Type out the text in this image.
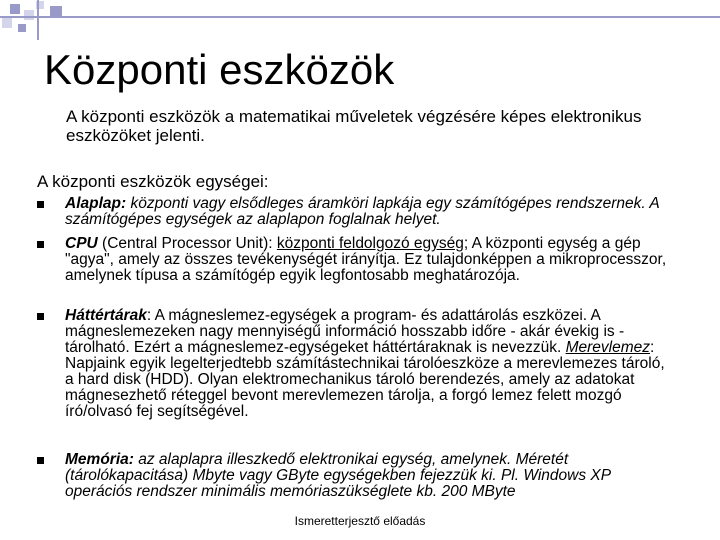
Központi eszközök
A központi eszközök a matematikai műveletek végzésére képes elektronikus eszközöket jelenti.
A központi eszközök egységei:
Alaplap: központi vagy elsődleges áramköri lapkája egy számítógépes rendszernek. A számítógépes egységek az alaplapon foglalnak helyet.
CPU (Central Processor Unit): központi feldolgozó egység; A központi egység a gép "agya", amely az összes tevékenységét irányítja. Ez tulajdonképpen a mikroprocesszor, amelynek típusa a számítógép egyik legfontosabb meghatározója.
Háttértárak: A mágneslemez-egységek a program- és adattárolás eszközei. A mágneslemezeken nagy mennyiségű információ hosszabb időre - akár évekig is - tárolható. Ezért a mágneslemez-egységeket háttértáraknak is nevezzük. Merevlemez: Napjaink egyik legelterjedtebb számítástechnikai tárolóeszköze a merevlemezes tároló, a hard disk (HDD). Olyan elektromechanikus tároló berendezés, amely az adatokat mágnesezhető réteggel bevont merevlemezen tárolja, a forgó lemez felett mozgó író/olvasó fej segítségével.
Memória: az alaplapra illeszkedő elektronikai egység, amelynek. Méretét (tárolókapacitása) Mbyte vagy GByte egységekben fejezzük ki. Pl. Windows XP operációs rendszer minimális memóriaszükséglete kb. 200 MByte
Ismeretterjesztő előadás
